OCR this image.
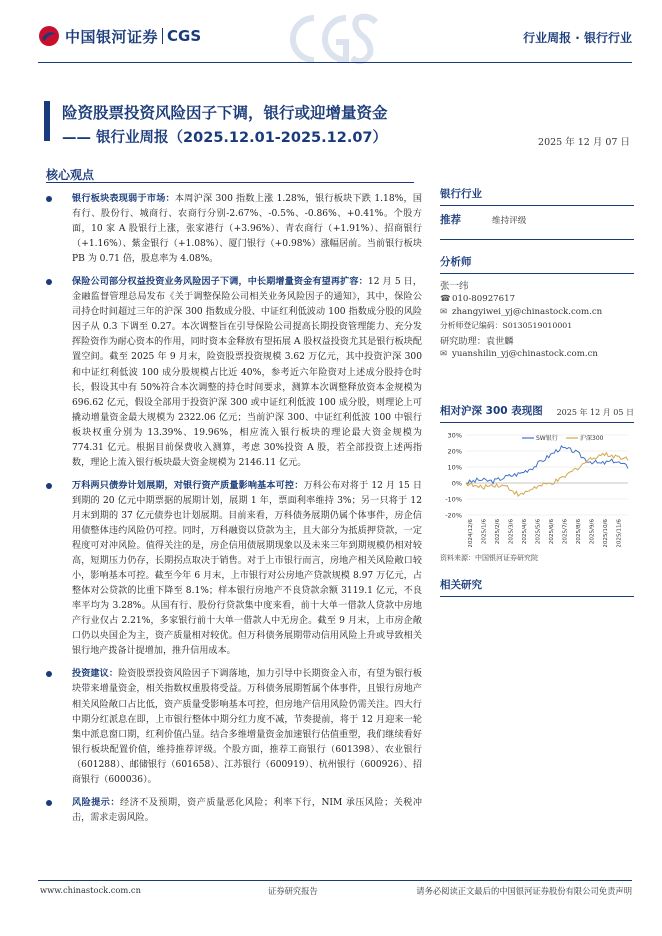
中国银河证券 CGS	行业周报 · 银行行业
险资股票投资风险因子下调，银行或迎增量资金
—— 银行业周报（2025.12.01-2025.12.07）	2025 年 12 月 07 日
核心观点
银行板块表现弱于市场：本周沪深 300 指数上涨 1.28%，银行板块下跌 1.18%，国有行、股份行、城商行、农商行分别-2.67%、-0.5%、-0.86%、+0.41%。个股方面，10 家 A 股银行上涨，张家港行（+3.96%）、青农商行（+1.91%）、招商银行（+1.16%）、紫金银行（+1.08%）、厦门银行（+0.98%）涨幅居前。当前银行板块 PB 为 0.71 倍，股息率为 4.08%。
保险公司部分权益投资业务风险因子下调，中长期增量资金有望再扩容：12 月 5 日，金融监督管理总局发布《关于调整保险公司相关业务风险因子的通知》，其中，保险公司持仓时间超过三年的沪深 300 指数成分股、中证红利低波动 100 指数成分股的风险因子从 0.3 下调至 0.27。本次调整旨在引导保险公司提高长期投资管理能力、充分发挥险资作为耐心资本的作用，同时资本金释放有望拓展 A 股权益投资尤其是银行板块配置空间。截至 2025 年 9 月末，险资股票投资规模 3.62 万亿元，其中投资沪深 300 和中证红利低波 100 成分股规模占比近 40%，参考近六年险资对上述成分股持仓时长，假设其中有 50%符合本次调整的持仓时间要求，测算本次调整释放资本金规模为 696.62 亿元，假设全部用于投资沪深 300 或中证红利低波 100 成分股，则理论上可撬动增量资金最大规模为 2322.06 亿元；当前沪深 300、中证红利低波 100 中银行板块权重分别为 13.39%、19.96%，相应流入银行板块的理论最大资金规模为 774.31 亿元。根据目前保费收入测算，考虑 30%投资 A 股，若全部投资上述两指数，理论上流入银行板块最大资金规模为 2146.11 亿元。
万科两只债券计划展期，对银行资产质量影响基本可控：万科公布对将于 12 月 15 日到期的 20 亿元中期票据的展期计划，展期 1 年，票面利率维持 3%；另一只将于 12 月末到期的 37 亿元债券也计划展期。目前来看，万科债务展期仍属个体事件，房企信用债整体违约风险仍可控。同时，万科融资以贷款为主，且大部分为抵质押贷款，一定程度可对冲风险。值得关注的是，房企信用债展期现象以及未来三年到期规模仍相对较高，短期压力仍存，长期拐点取决于销售。对于上市银行而言，房地产相关风险敞口较小，影响基本可控。截至今年 6 月末，上市银行对公房地产贷款规模 8.97 万亿元，占整体对公贷款的比重下降至 8.1%；样本银行房地产不良贷款余额 3119.1 亿元，不良率平均为 3.28%。从国有行、股份行贷款集中度来看，前十大单一借款人贷款中房地产行业仅占 2.21%，多家银行前十大单一借款人中无房企。截至 9 月末，上市房企敞口仍以央国企为主，资产质量相对较优。但万科债务展期带动信用风险上升或导致相关银行地产拨备计提增加，推升信用成本。
投资建议：险资股票投资风险因子下调落地，加力引导中长期资金入市，有望为银行板块带来增量资金，相关指数权重股将受益。万科债务展期暂属个体事件，且银行房地产相关风险敞口占比低，资产质量受影响基本可控，但房地产信用风险仍需关注。四大行中期分红派息在即，上市银行整体中期分红力度不减，节奏提前，将于 12 月迎来一轮集中派息窗口期，红利价值凸显。结合多维增量资金加速银行估值重塑，我们继续看好银行板块配置价值，维持推荐评级。个股方面，推荐工商银行（601398）、农业银行（601288）、邮储银行（601658）、江苏银行（600919）、杭州银行（600926）、招商银行（600036）。
风险提示：经济不及预期，资产质量恶化风险；利率下行，NIM 承压风险；关税冲击，需求走弱风险。
银行行业
推荐	维持评级
分析师
张一纬
☎010-80927617
✉ zhangyiwei_yj@chinastock.com.cn
分析师登记编码：S0130519010001
研究助理：袁世麟
✉ yuanshilin_yj@chinastock.com.cn
相对沪深 300 表现图 2025 年 12 月 05 日
30%
20%
10%
0%
-10%
-20%
2024/12/6 2025/1/6 2025/2/6 2025/3/6 2025/4/6 2025/5/6 2025/6/6 2025/7/6 2025/8/6 2025/9/6 2025/10/6 2025/11/6
SW银行	沪深300
资料来源：中国银河证券研究院
相关研究
www.chinastock.com.cn	证券研究报告	请务必阅读正文最后的中国银河证券股份有限公司免责声明
